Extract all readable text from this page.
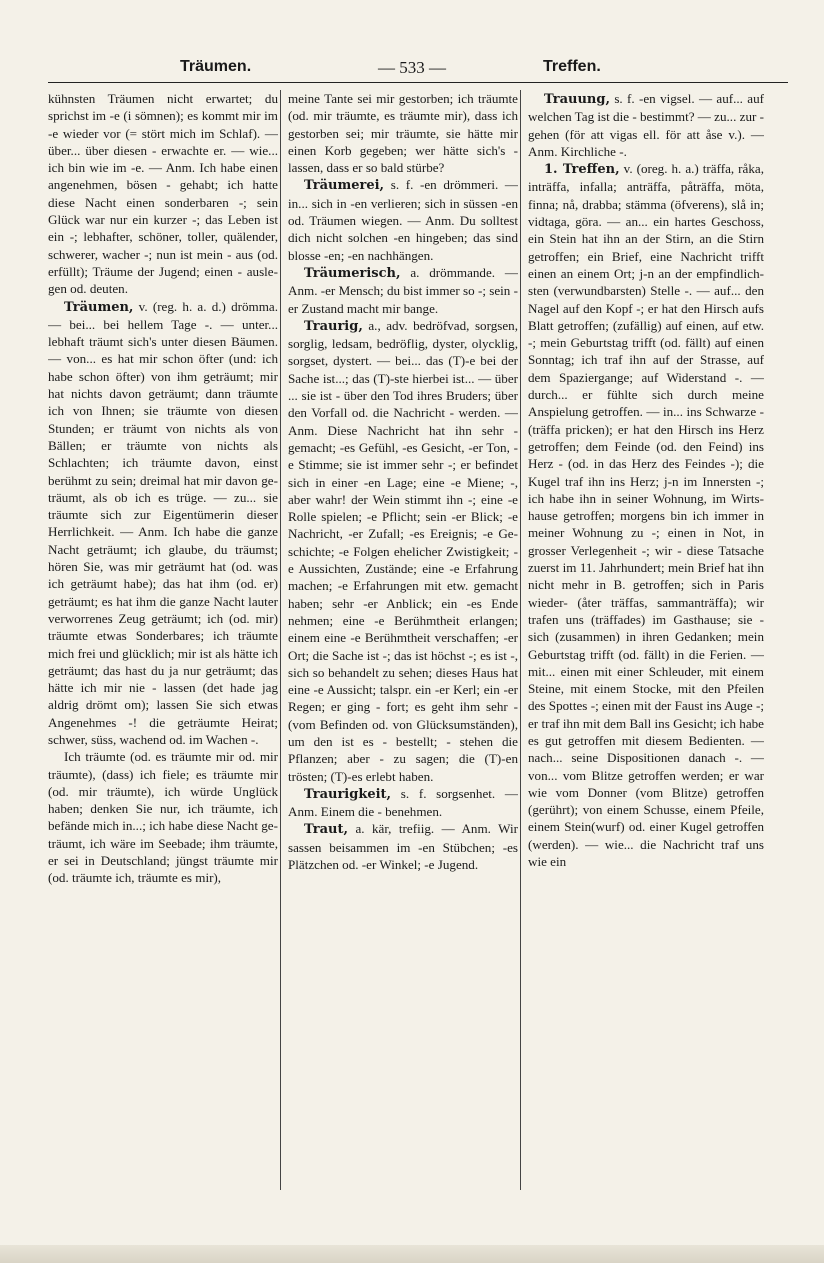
Träumen.	— 533 —	Treffen.

kühnsten Träumen nicht erwartet; du sprichst im -e (i sömnen); es kommt mir im -e wieder vor (= stört mich im Schlaf). — über... über diesen - erwachte er. — wie... ich bin wie im -e. — Anm. Ich habe einen angenehmen, bösen - gehabt; ich hatte diese Nacht einen sonderbaren -; sein Glück war nur ein kurzer -; das Leben ist ein -; lebhafter, schöner, toller, quälender, schwerer, wacher -; nun ist mein - aus (od. erfüllt); Träume der Jugend; einen - auslegen od. deuten.

Träumen, v. (reg. h. a. d.) drömma. — bei... bei hellem Tage -. — unter... lebhaft träumt sich's unter diesen Bäumen. — von... es hat mir schon öfter (und: ich habe schon öfter) von ihm geträumt; mir hat nichts davon geträumt; dann träumte ich von Ihnen; sie träumte von diesen Stunden; er träumt von nichts als von Bällen; er träumte von nichts als Schlachten; ich träumte davon, einst berühmt zu sein; dreimal hat mir davon geträumt, als ob ich es trüge. — zu... sie träumte sich zur Eigentümerin dieser Herrlichkeit. — Anm. Ich habe die ganze Nacht geträumt; ich glaube, du träumst; hören Sie, was mir geträumt hat (od. was ich geträumt habe); das hat ihm (od. er) geträumt; es hat ihm die ganze Nacht lauter verworrenes Zeug geträumt; ich (od. mir) träumte etwas Sonderbares; ich träumte mich frei und glücklich; mir ist als hätte ich geträumt; das hast du ja nur geträumt; das hätte ich mir nie - lassen (det hade jag aldrig drömt om); lassen Sie sich etwas Angenehmes -! die geträumte Heirat; schwer, süss, wachend od. im Wachen -.

Ich träumte (od. es träumte mir od. mir träumte), (dass) ich fiele; es träumte mir (od. mir träumte), ich würde Unglück haben; denken Sie nur, ich träumte, ich befände mich in...; ich habe diese Nacht geträumt, ich wäre im Seebade; ihm träumte, er sei in Deutschland; jüngst träumte mir (od. träumte ich, träumte es mir),

meine Tante sei mir gestorben; ich träumte (od. mir träumte, es träumte mir), dass ich gestorben sei; mir träumte, sie hätte mir einen Korb gegeben; wer hätte sich's - lassen, dass er so bald stürbe?

Träumerei, s. f. -en drömmeri. — in... sich in -en verlieren; sich in süssen -en od. Träumen wiegen. — Anm. Du solltest dich nicht solchen -en hingeben; das sind blosse -en; -en nachhängen.

Träumerisch, a. drömmande. — Anm. -er Mensch; du bist immer so -; sein -er Zustand macht mir bange.

Traurig, a., adv. bedröfvad, sorgsen, sorglig, ledsam, bedröflig, dyster, olycklig, sorgset, dystert. — bei... das (T)-e bei der Sache ist...; das (T)-ste hierbei ist... — über ... sie ist - über den Tod ihres Bruders; über den Vorfall od. die Nachricht - werden. — Anm. Diese Nachricht hat ihn sehr - gemacht; -es Gefühl, -es Gesicht, -er Ton, -e Stimme; sie ist immer sehr -; er befindet sich in einer -en Lage; eine -e Miene; -, aber wahr! der Wein stimmt ihn -; eine -e Rolle spielen; -e Pflicht; sein -er Blick; -e Nachricht, -er Zufall; -es Ereignis; -e Geschichte; -e Folgen ehelicher Zwistigkeit; -e Aussichten, Zustände; eine -e Erfahrung machen; -e Erfahrungen mit etw. gemacht haben; sehr -er Anblick; ein -es Ende nehmen; eine -e Berühmtheit erlangen; einem eine -e Berühmtheit verschaffen; -er Ort; die Sache ist -; das ist höchst -; es ist -, sich so behandelt zu sehen; dieses Haus hat eine -e Aussicht; talspr. ein -er Kerl; ein -er Regen; er ging - fort; es geht ihm sehr - (vom Befinden od. von Glücksumständen), um den ist es - bestellt; - stehen die Pflanzen; aber - zu sagen; die (T)-en trösten; (T)-es erlebt haben.

Traurigkeit, s. f. sorgsenhet. — Anm. Einem die - benehmen.

Traut, a. kär, trefiig. — Anm. Wir sassen beisammen im -en Stübchen; -es Plätzchen od. -er Winkel; -e Jugend.

Trauung, s. f. -en vigsel. — auf... auf welchen Tag ist die - bestimmt? — zu... zur - gehen (för att vigas ell. för att åse v.). — Anm. Kirchliche -.

1. Treffen, v. (oreg. h. a.) träffa, råka, inträffa, infalla; anträffa, påträffa, möta, finna; nå, drabba; stämma (öfverens), slå in; vidtaga, göra. — an... ein hartes Geschoss, ein Stein hat ihn an der Stirn, an die Stirn getroffen; ein Brief, eine Nachricht trifft einen an einem Ort; j-n an der empfindlichsten (verwundbarsten) Stelle -. — auf... den Nagel auf den Kopf -; er hat den Hirsch aufs Blatt getroffen; (zufällig) auf einen, auf etw. -; mein Geburtstag trifft (od. fällt) auf einen Sonntag; ich traf ihn auf der Strasse, auf dem Spaziergange; auf Widerstand -. — durch... er fühlte sich durch meine Anspielung getroffen. — in... ins Schwarze - (träffa pricken); er hat den Hirsch ins Herz getroffen; dem Feinde (od. den Feind) ins Herz - (od. in das Herz des Feindes -); die Kugel traf ihn ins Herz; j-n im Innersten -; ich habe ihn in seiner Wohnung, im Wirtshause getroffen; morgens bin ich immer in meiner Wohnung zu -; einen in Not, in grosser Verlegenheit -; wir - diese Tatsache zuerst im 11. Jahrhundert; mein Brief hat ihn nicht mehr in B. getroffen; sich in Paris wieder- (åter träffas, sammanträffa); wir trafen uns (träffades) im Gasthause; sie - sich (zusammen) in ihren Gedanken; mein Geburtstag trifft (od. fällt) in die Ferien. — mit... einen mit einer Schleuder, mit einem Steine, mit einem Stocke, mit den Pfeilen des Spottes -; einen mit der Faust ins Auge -; er traf ihn mit dem Ball ins Gesicht; ich habe es gut getroffen mit diesem Bedienten. — nach... seine Dispositionen danach -. — von... vom Blitze getroffen werden; er war wie vom Donner (vom Blitze) getroffen (gerührt); von einem Schusse, einem Pfeile, einem Stein(wurf) od. einer Kugel getroffen (werden). — wie... die Nachricht traf uns wie ein
